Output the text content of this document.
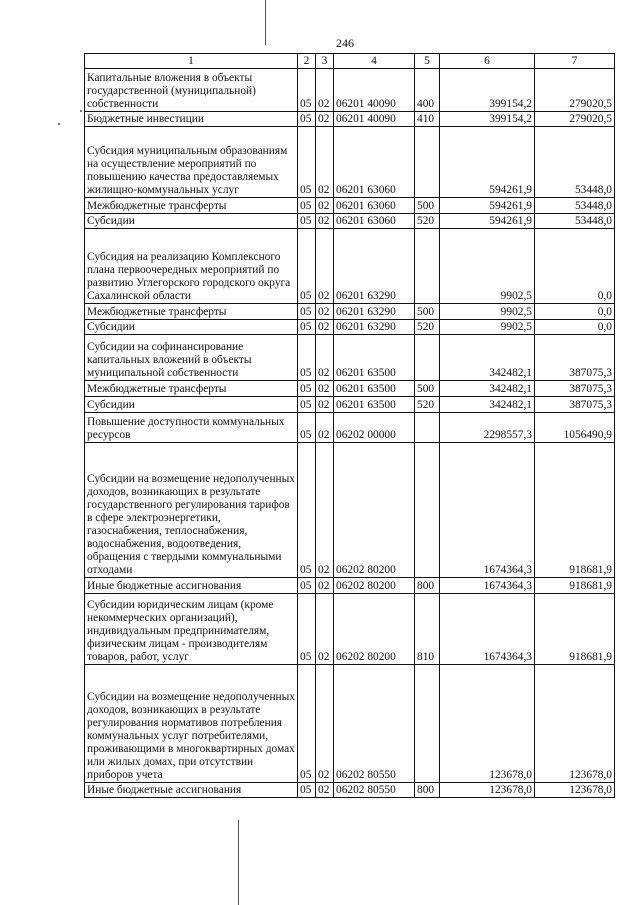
246
1	2	3	4	5	6	7
Капитальные вложения в объекты государственной (муниципальной) собственности	05	02	06201 40090	400	399154,2	279020,5
Бюджетные инвестиции	05	02	06201 40090	410	399154,2	279020,5
Субсидия муниципальным образованиям на осуществление мероприятий по повышению качества предоставляемых жилищно-коммунальных услуг	05	02	06201 63060		594261,9	53448,0
Межбюджетные трансферты	05	02	06201 63060	500	594261,9	53448,0
Субсидии	05	02	06201 63060	520	594261,9	53448,0
Субсидия на реализацию Комплексного плана первоочередных мероприятий по развитию Углегорского городского округа Сахалинской области	05	02	06201 63290		9902,5	0,0
Межбюджетные трансферты	05	02	06201 63290	500	9902,5	0,0
Субсидии	05	02	06201 63290	520	9902,5	0,0
Субсидии на софинансирование капитальных вложений в объекты муниципальной собственности	05	02	06201 63500		342482,1	387075,3
Межбюджетные трансферты	05	02	06201 63500	500	342482,1	387075,3
Субсидии	05	02	06201 63500	520	342482,1	387075,3
Повышение доступности коммунальных ресурсов	05	02	06202 00000		2298557,3	1056490,9
Субсидии на возмещение недополученных доходов, возникающих в результате государственного регулирования тарифов в сфере электроэнергетики, газоснабжения, теплоснабжения, водоснабжения, водоотведения, обращения с твердыми коммунальными отходами	05	02	06202 80200		1674364,3	918681,9
Иные бюджетные ассигнования	05	02	06202 80200	800	1674364,3	918681,9
Субсидии юридическим лицам (кроме некоммерческих организаций), индивидуальным предпринимателям, физическим лицам - производителям товаров, работ, услуг	05	02	06202 80200	810	1674364,3	918681,9
Субсидии на возмещение недополученных доходов, возникающих в результате регулирования нормативов потребления коммунальных услуг потребителями, проживающими в многоквартирных домах или жилых домах, при отсутствии приборов учета	05	02	06202 80550		123678,0	123678,0
Иные бюджетные ассигнования	05	02	06202 80550	800	123678,0	123678,0
